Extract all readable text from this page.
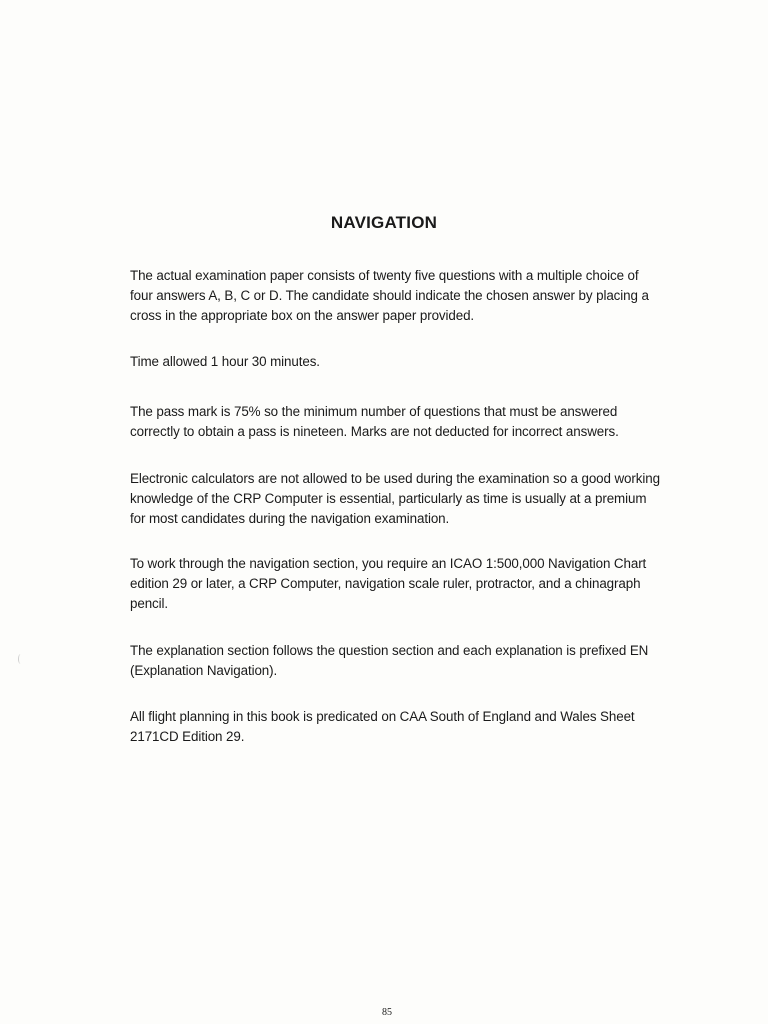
NAVIGATION

The actual examination paper consists of twenty five questions with a multiple choice of four answers A, B, C or D. The candidate should indicate the chosen answer by placing a cross in the appropriate box on the answer paper provided.

Time allowed 1 hour 30 minutes.

The pass mark is 75% so the minimum number of questions that must be answered correctly to obtain a pass is nineteen. Marks are not deducted for incorrect answers.

Electronic calculators are not allowed to be used during the examination so a good working knowledge of the CRP Computer is essential, particularly as time is usually at a premium for most candidates during the navigation examination.

To work through the navigation section, you require an ICAO 1:500,000 Navigation Chart edition 29 or later, a CRP Computer, navigation scale ruler, protractor, and a chinagraph pencil.

The explanation section follows the question section and each explanation is prefixed EN (Explanation Navigation).

All flight planning in this book is predicated on CAA South of England and Wales Sheet 2171CD Edition 29.

85
